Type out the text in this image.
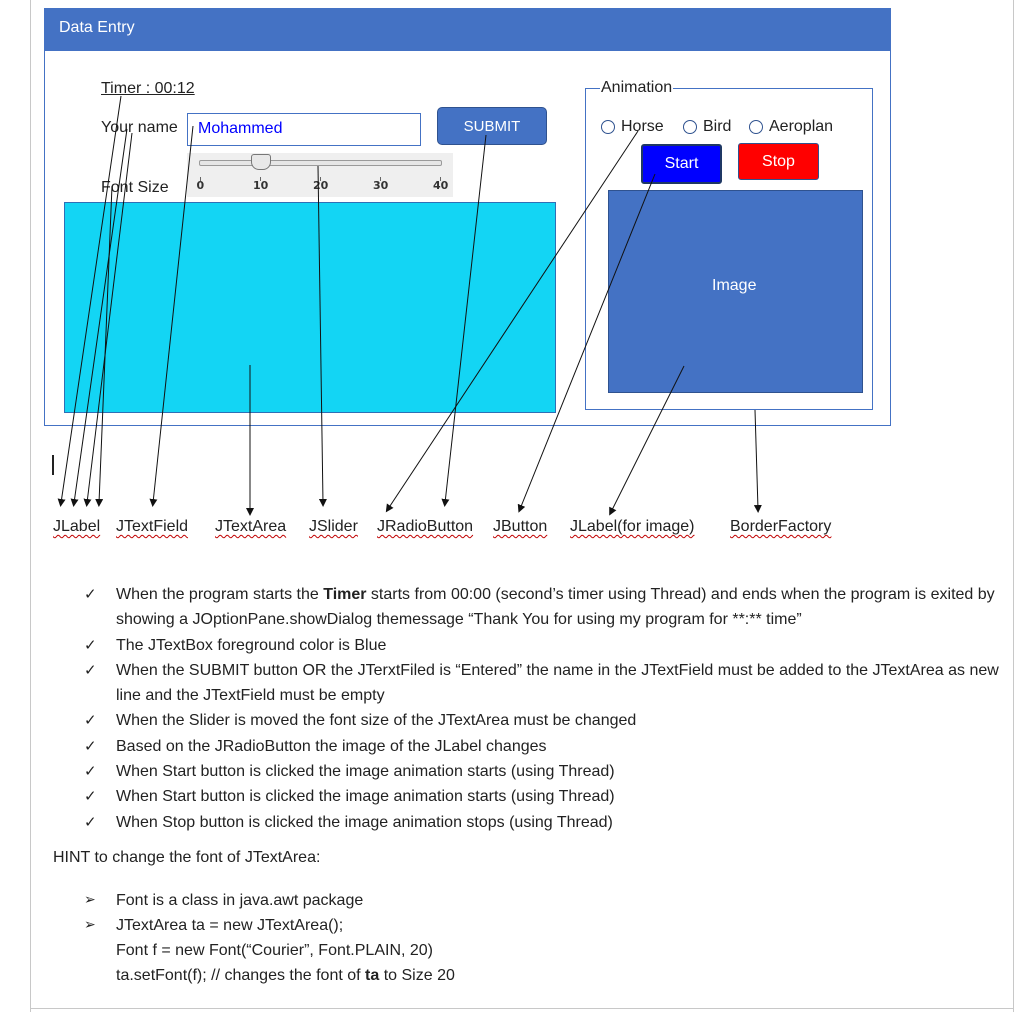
Data Entry
Timer : 00:12
Your name
Mohammed	SUBMIT
Font Size	0	10	20	30	40
Animation
Horse Bird Aeroplan
Start	Stop
Image
JLabel JTextField JTextArea JSlider JRadioButton JButton JLabel(for image) BorderFactory
✓ When the program starts the Timer starts from 00:00 (second’s timer using Thread) and ends when the program is exited by showing a JOptionPane.showDialog themessage “Thank You for using my program for **:** time”
✓ The JTextBox foreground color is Blue
✓ When the SUBMIT button OR the JTerxtFiled is “Entered” the name in the JTextField must be added to the JTextArea as new line and the JTextField must be empty
✓ When the Slider is moved the font size of the JTextArea must be changed
✓ Based on the JRadioButton the image of the JLabel changes
✓ When Start button is clicked the image animation starts (using Thread)
✓ When Start button is clicked the image animation starts (using Thread)
✓ When Stop button is clicked the image animation stops (using Thread)
HINT to change the font of JTextArea:
➢ Font is a class in java.awt package
➢ JTextArea ta = new JTextArea();
Font f = new Font(“Courier”, Font.PLAIN, 20)
ta.setFont(f); // changes the font of ta to Size 20
